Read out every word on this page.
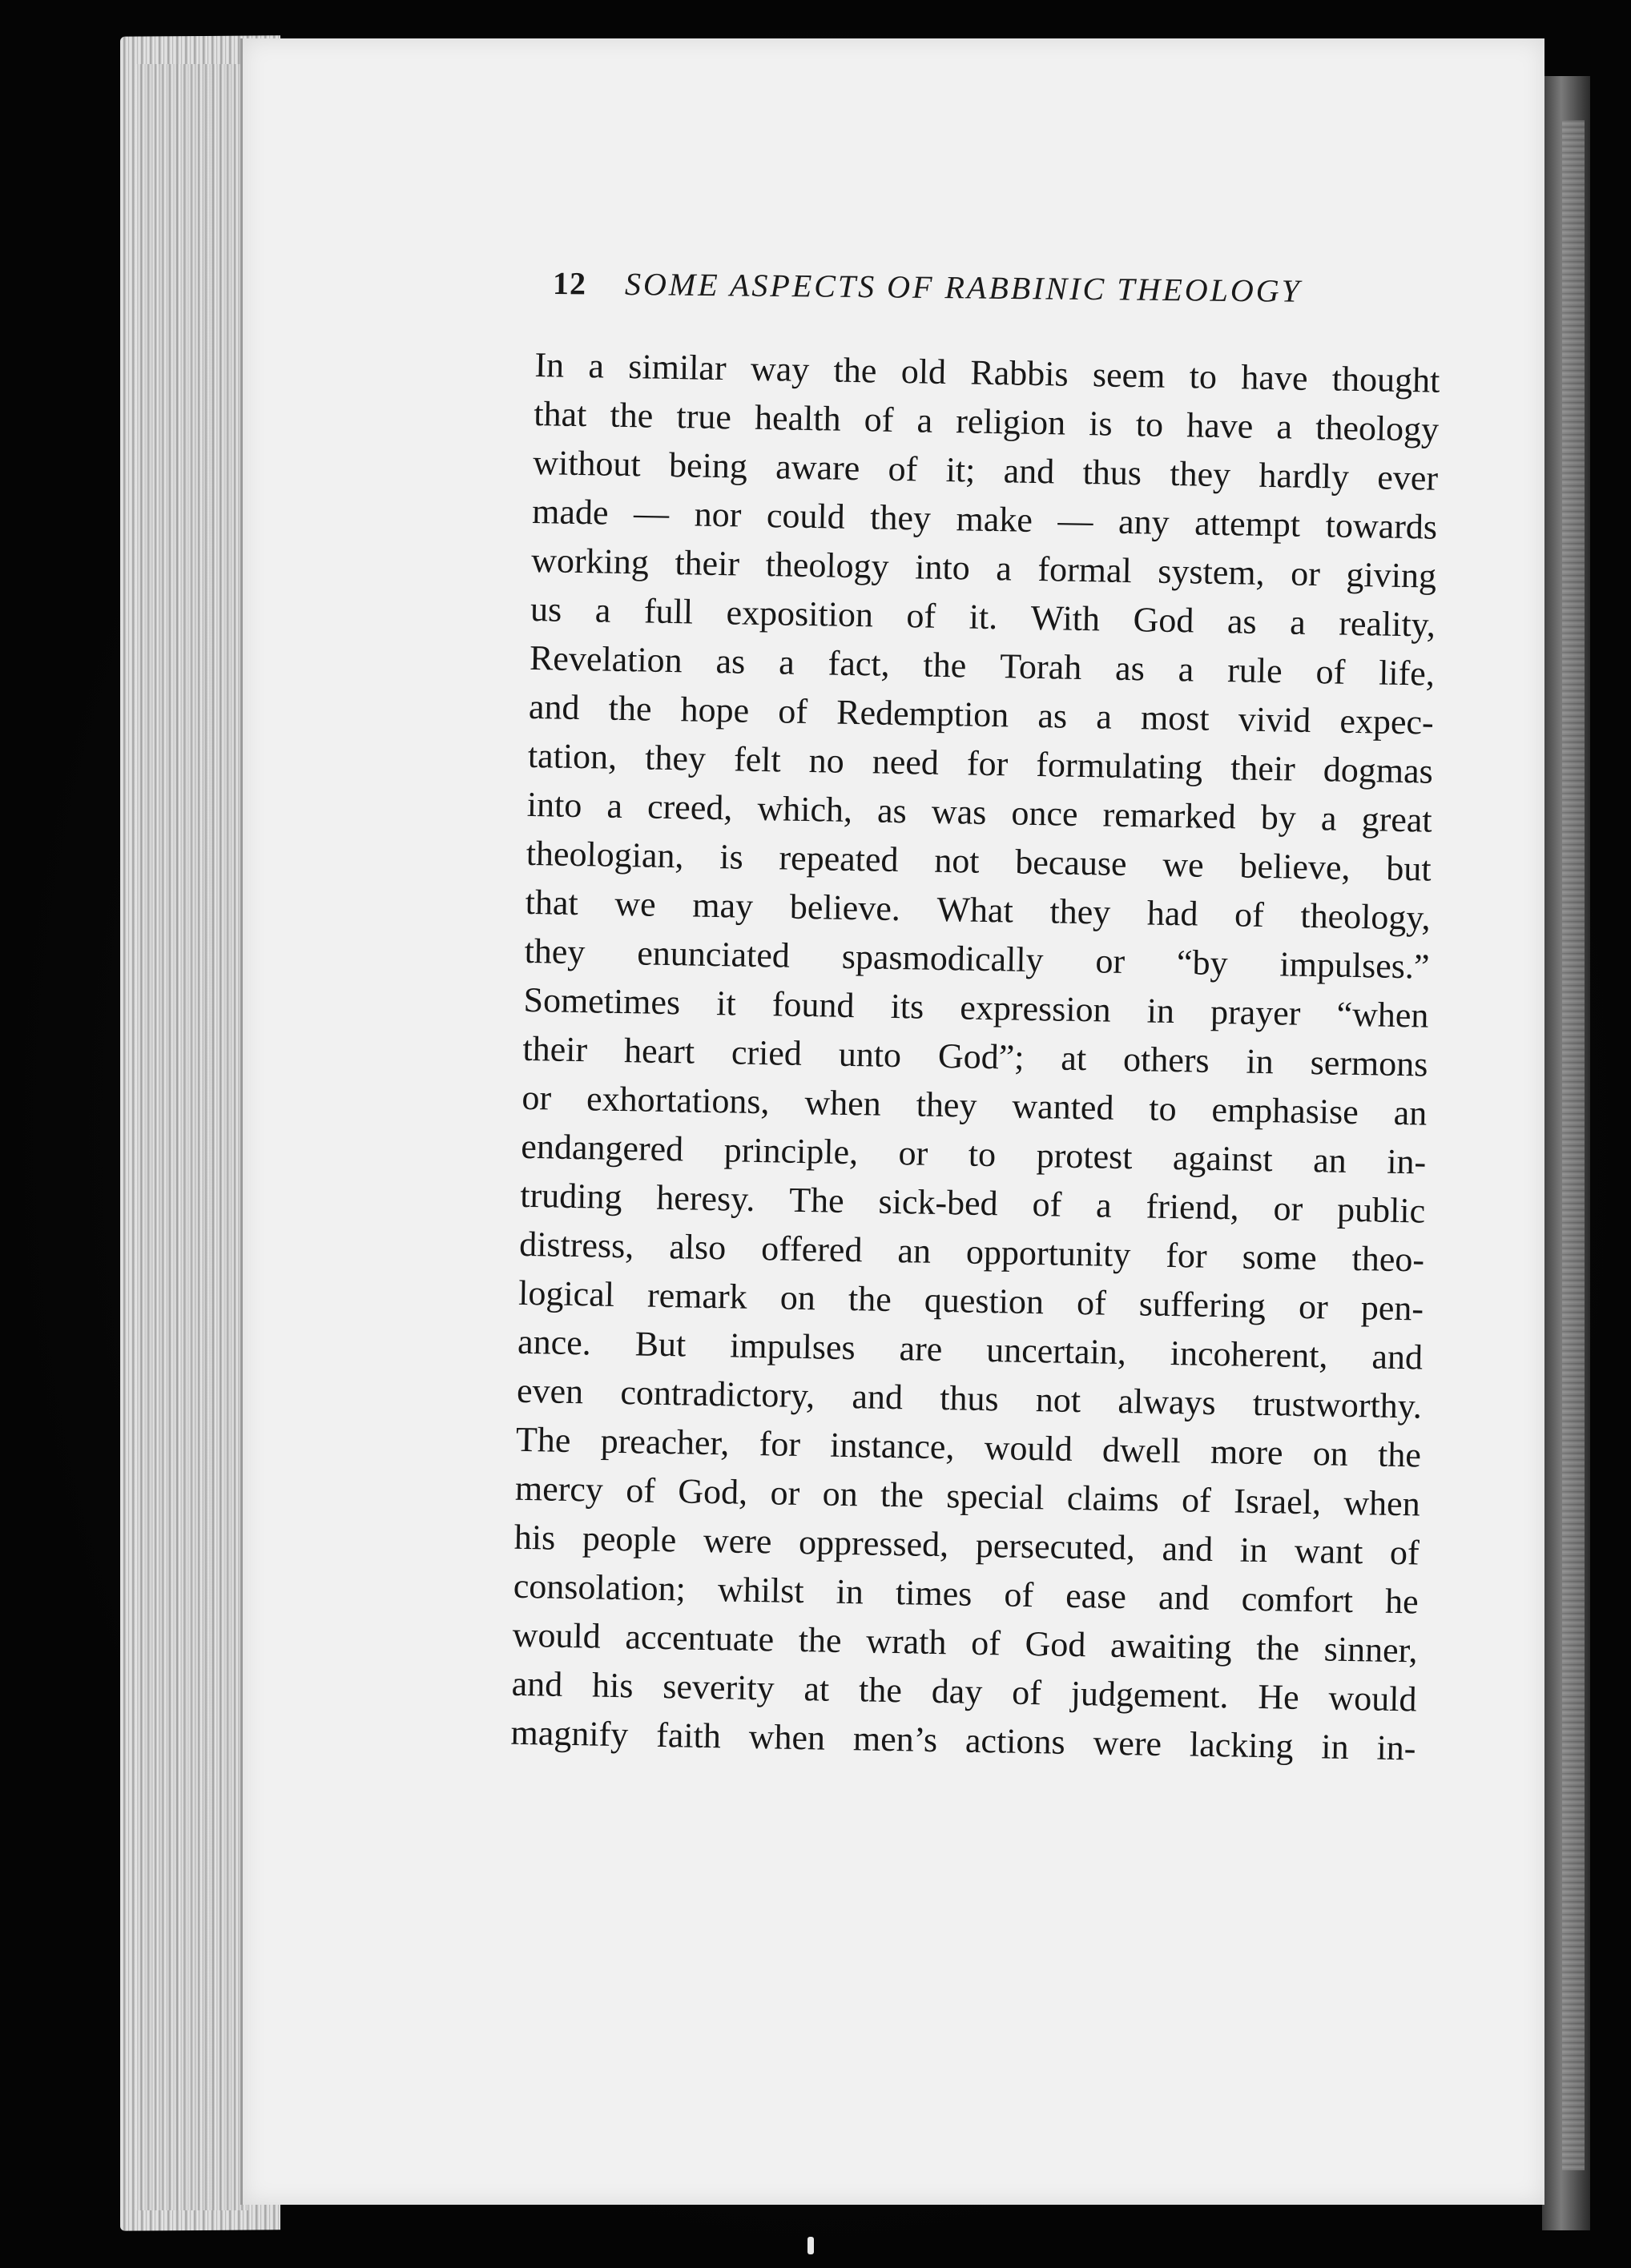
12 SOME ASPECTS OF RABBINIC THEOLOGY
In a similar way the old Rabbis seem to have thought
that the true health of a religion is to have a theology
without being aware of it; and thus they hardly ever
made — nor could they make — any attempt towards
working their theology into a formal system, or giving
us a full exposition of it. With God as a reality,
Revelation as a fact, the Torah as a rule of life,
and the hope of Redemption as a most vivid expec-
tation, they felt no need for formulating their dogmas
into a creed, which, as was once remarked by a great
theologian, is repeated not because we believe, but
that we may believe. What they had of theology,
they enunciated spasmodically or “by impulses.”
Sometimes it found its expression in prayer “when
their heart cried unto God”; at others in sermons
or exhortations, when they wanted to emphasise an
endangered principle, or to protest against an in-
truding heresy. The sick-bed of a friend, or public
distress, also offered an opportunity for some theo-
logical remark on the question of suffering or pen-
ance. But impulses are uncertain, incoherent, and
even contradictory, and thus not always trustworthy.
The preacher, for instance, would dwell more on the
mercy of God, or on the special claims of Israel, when
his people were oppressed, persecuted, and in want of
consolation; whilst in times of ease and comfort he
would accentuate the wrath of God awaiting the sinner,
and his severity at the day of judgement. He would
magnify faith when men’s actions were lacking in in-
